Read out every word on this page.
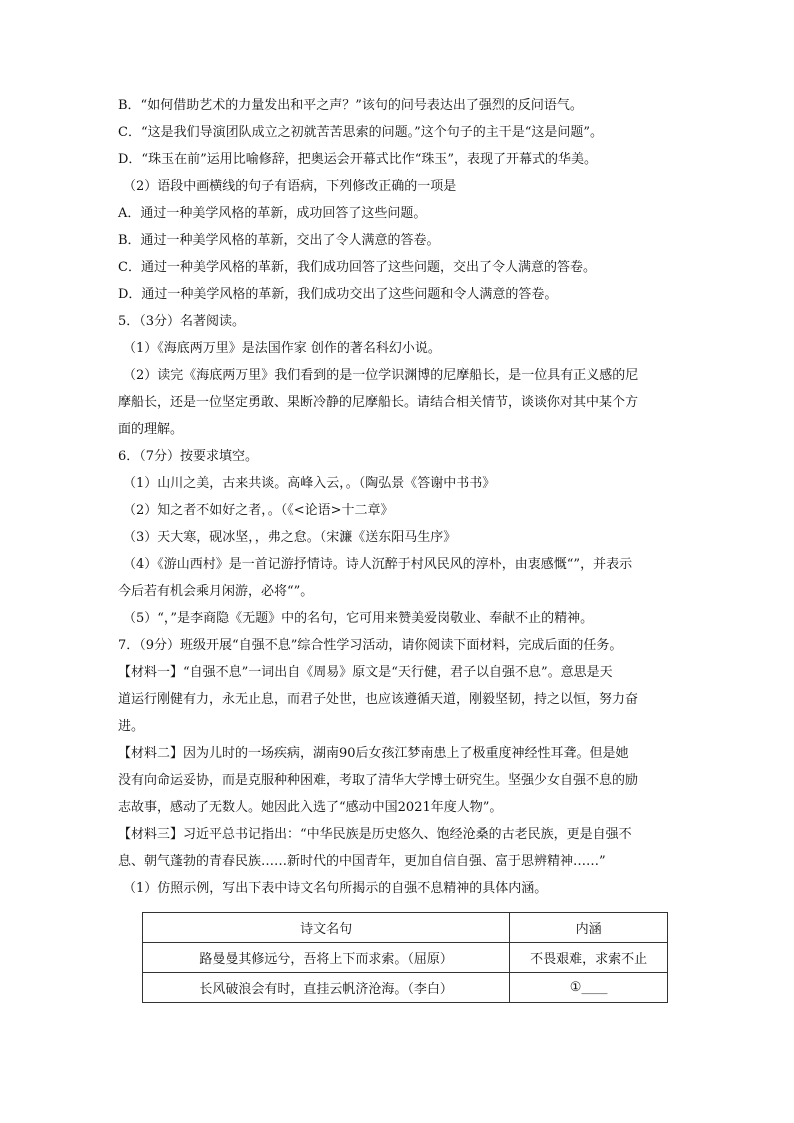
B．“如何借助艺术的力量发出和平之声？”该句的问号表达出了强烈的反问语气。
C．“这是我们导演团队成立之初就苦苦思索的问题。”这个句子的主干是“这是问题”。
D．“珠玉在前”运用比喻修辞，把奥运会开幕式比作“珠玉”，表现了开幕式的华美。
（2）语段中画横线的句子有语病，下列修改正确的一项是
A．通过一种美学风格的革新，成功回答了这些问题。
B．通过一种美学风格的革新，交出了令人满意的答卷。
C．通过一种美学风格的革新，我们成功回答了这些问题，交出了令人满意的答卷。
D．通过一种美学风格的革新，我们成功交出了这些问题和令人满意的答卷。
5．（3分）名著阅读。
（1）《海底两万里》是法国作家 创作的著名科幻小说。
（2）读完《海底两万里》我们看到的是一位学识渊博的尼摩船长，是一位具有正义感的尼
摩船长，还是一位坚定勇敢、果断冷静的尼摩船长。请结合相关情节，谈谈你对其中某个方
面的理解。
6．（7分）按要求填空。
（1）山川之美，古来共谈。高峰入云，。（陶弘景《答谢中书书》
（2）知之者不如好之者，。（《<论语>十二章》
（3）天大寒，砚冰坚，，弗之怠。（宋濂《送东阳马生序》
（4）《游山西村》是一首记游抒情诗。诗人沉醉于村风民风的淳朴，由衷感慨“”，并表示
今后若有机会乘月闲游，必将“”。
（5）“，”是李商隐《无题》中的名句，它可用来赞美爱岗敬业、奉献不止的精神。
7．（9分）班级开展“自强不息”综合性学习活动，请你阅读下面材料，完成后面的任务。
【材料一】“自强不息”一词出自《周易》原文是“天行健，君子以自强不息”。意思是天
道运行刚健有力，永无止息，而君子处世，也应该遵循天道，刚毅坚韧，持之以恒，努力奋
进。
【材料二】因为儿时的一场疾病，湖南90后女孩江梦南患上了极重度神经性耳聋。但是她
没有向命运妥协，而是克服种种困难，考取了清华大学博士研究生。坚强少女自强不息的励
志故事，感动了无数人。她因此入选了“感动中国2021年度人物”。
【材料三】习近平总书记指出：“中华民族是历史悠久、饱经沧桑的古老民族，更是自强不
息、朝气蓬勃的青春民族……新时代的中国青年，更加自信自强、富于思辨精神……”
（1）仿照示例，写出下表中诗文名句所揭示的自强不息精神的具体内涵。
诗文名句	内涵
路曼曼其修远兮，吾将上下而求索。（屈原）	不畏艰难，求索不止
长风破浪会有时，直挂云帆济沧海。（李白）	①____
